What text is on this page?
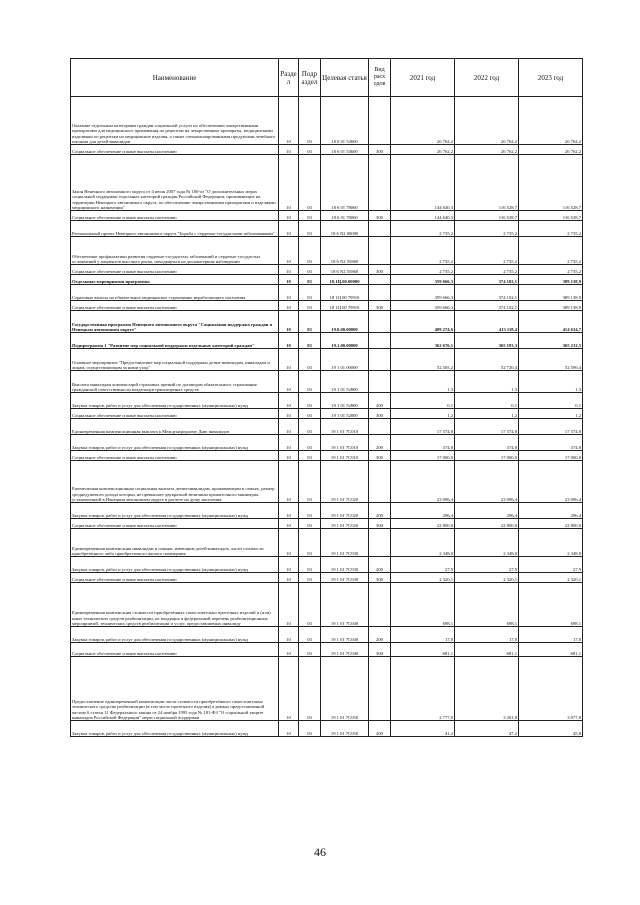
Наименование	Разде л	Подр аздел	Целевая статья	Вид расх одов	2021 год	2022 год	2023 год
Оказание отдельным категориям граждан социальной услуги по обеспечению лекарственными препаратами для медицинского применения по рецептам на лекарственные препараты, медицинскими изделиями по рецептам на медицинские изделия, а также специализированными продуктами лечебного питания для детей-инвалидов	10	03	18 6 01 54600		26 762,2	26 762,2	26 762,2
Социальное обеспечение и иные выплаты населению	10	03	18 6 01 54600	300	26 762,2	26 762,2	26 762,2
Закон Ненецкого автономного округа от 4 июля 2007 года № 100-оз "О дополнительных мерах социальной поддержки отдельных категорий граждан Российской Федерации, проживающих на территории Ненецкого автономного округа, по обеспечению лекарственными препаратами и изделиями медицинского назначения"	10	03	18 6 01 78060		144 640,3	116 528,7	116 528,7
Социальное обеспечение и иные выплаты населению	10	03	18 6 01 78060	300	144 640,3	116 528,7	116 528,7
Региональный проект Ненецкого автономного округа "Борьба с сердечно-сосудистыми заболеваниями"	10	03	18 6 N2 00000		2 735,2	2 735,2	2 735,2
Обеспечение профилактики развития сердечно-сосудистых заболеваний и сердечно-сосудистых осложнений у пациентов высокого риска, находящихся на диспансерном наблюдении	10	03	18 6 N2 55860		2 735,2	2 735,2	2 735,2
Социальное обеспечение и иные выплаты населению	10	03	18 6 N2 55860	300	2 735,2	2 735,2	2 735,2
Отдельные мероприятия программы	10	03	18.1Ц.00.00000		359 666,3	374 102,1	389 138,9
Страховые взносы на обязательное медицинское страхование неработающего населения	10	03	18 1Ц 00 79910		359 666,3	374 102,1	389 138,9
Социальное обеспечение и иные выплаты населению	10	03	18 1Ц 00 79910	300	359 666,3	374 102,1	389 138,9
Государственная программа Ненецкого автономного округа "Социальная поддержка граждан в Ненецком автономном округе"	10	03	19.0.00.00000		409 274,6	413 118,4	414 634,7
Подпрограмма 1 "Развитие мер социальной поддержки отдельных категорий граждан"	10	03	19.1.00.00000		362 676,1	365 183,3	365 213,5
Основное мероприятие "Предоставление мер социальной поддержки детям-инвалидам, инвалидам и лицам, осуществляющим за ними уход"	10	03	19 1 01 00000		52 505,2	52 720,4	52 596,4
Выплата инвалидам компенсаций страховых премий по договорам обязательного страхования гражданской ответственности владельцев транспортных средств	10	03	19 1 01 52800		1,3	1,3	1,3
Закупка товаров, работ и услуг для обеспечения государственных (муниципальных) нужд	10	03	19 1 01 52800	200	0,1	0,1	0,1
Социальное обеспечение и иные выплаты населению	10	03	19 1 01 52800	300	1,2	1,2	1,2
Единовременная компенсационная выплата к Международному Дню инвалидов	10	03	19 1 01 7С010		17 374,8	17 374,8	17 374,8
Закупка товаров, работ и услуг для обеспечения государственных (муниципальных) нужд	10	03	19 1 01 7С010	200	374,8	374,8	374,8
Социальное обеспечение и иные выплаты населению	10	03	19 1 01 7С010	300	17 000,0	17 000,0	17 000,0
Ежемесячная компенсационная социальная выплата детям-инвалидам, проживающим в семьях, размер среднедушевого дохода которых не превышает двукратной величины прожиточного минимума, установленной в Ненецком автономном округе в расчете на душу населения	10	03	19 1 01 7С020		23 096,4	23 096,4	23 096,4
Закупка товаров, работ и услуг для обеспечения государственных (муниципальных) нужд	10	03	19 1 01 7С020	200	296,4	296,4	296,4
Социальное обеспечение и иные выплаты населению	10	03	19 1 01 7С020	300	22 800,0	22 800,0	22 800,0
Единовременная компенсация инвалидам и семьям, имеющим детей-инвалидов, части стоимости приобретённого либо приобретаемого жилого помещения	10	03	19 1 01 7С030		2 348,0	2 348,0	2 348,0
Закупка товаров, работ и услуг для обеспечения государственных (муниципальных) нужд	10	03	19 1 01 7С030	200	27,9	27,9	27,9
Социальное обеспечение и иные выплаты населению	10	03	19 1 01 7С030	300	2 320,1	2 320,1	2 320,1
Единовременная компенсация стоимости приобретённых самостоятельно протезных изделий и (или) иных технических средств реабилитации, не входящих в федеральный перечень реабилитационных мероприятий, технических средств реабилитации и услуг, предоставляемых инвалиду	10	03	19 1 01 7С040		698,1	698,1	698,1
Закупка товаров, работ и услуг для обеспечения государственных (муниципальных) нужд	10	03	19 1 01 7С040	200	17,0	17,0	17,0
Социальное обеспечение и иные выплаты населению	10	03	19 1 01 7С040	300	681,1	681,1	681,1
Предоставление единовременной компенсации части стоимости приобретённого самостоятельно технического средства реабилитации (в том числе протезного изделия) в рамках предоставленной частью 6 статьи 11 Федерального закона от 24 ноября 1995 года № 181-ФЗ "О социальной защите инвалидов Российской Федерации" меры социальной поддержки	10	03	19 1 01 7С050		2 777,0	3 201,8	3 077,8
Закупка товаров, работ и услуг для обеспечения государственных (муниципальных) нужд	10	03	19 1 01 7С050	200	41,2	47,2	45,8
46
